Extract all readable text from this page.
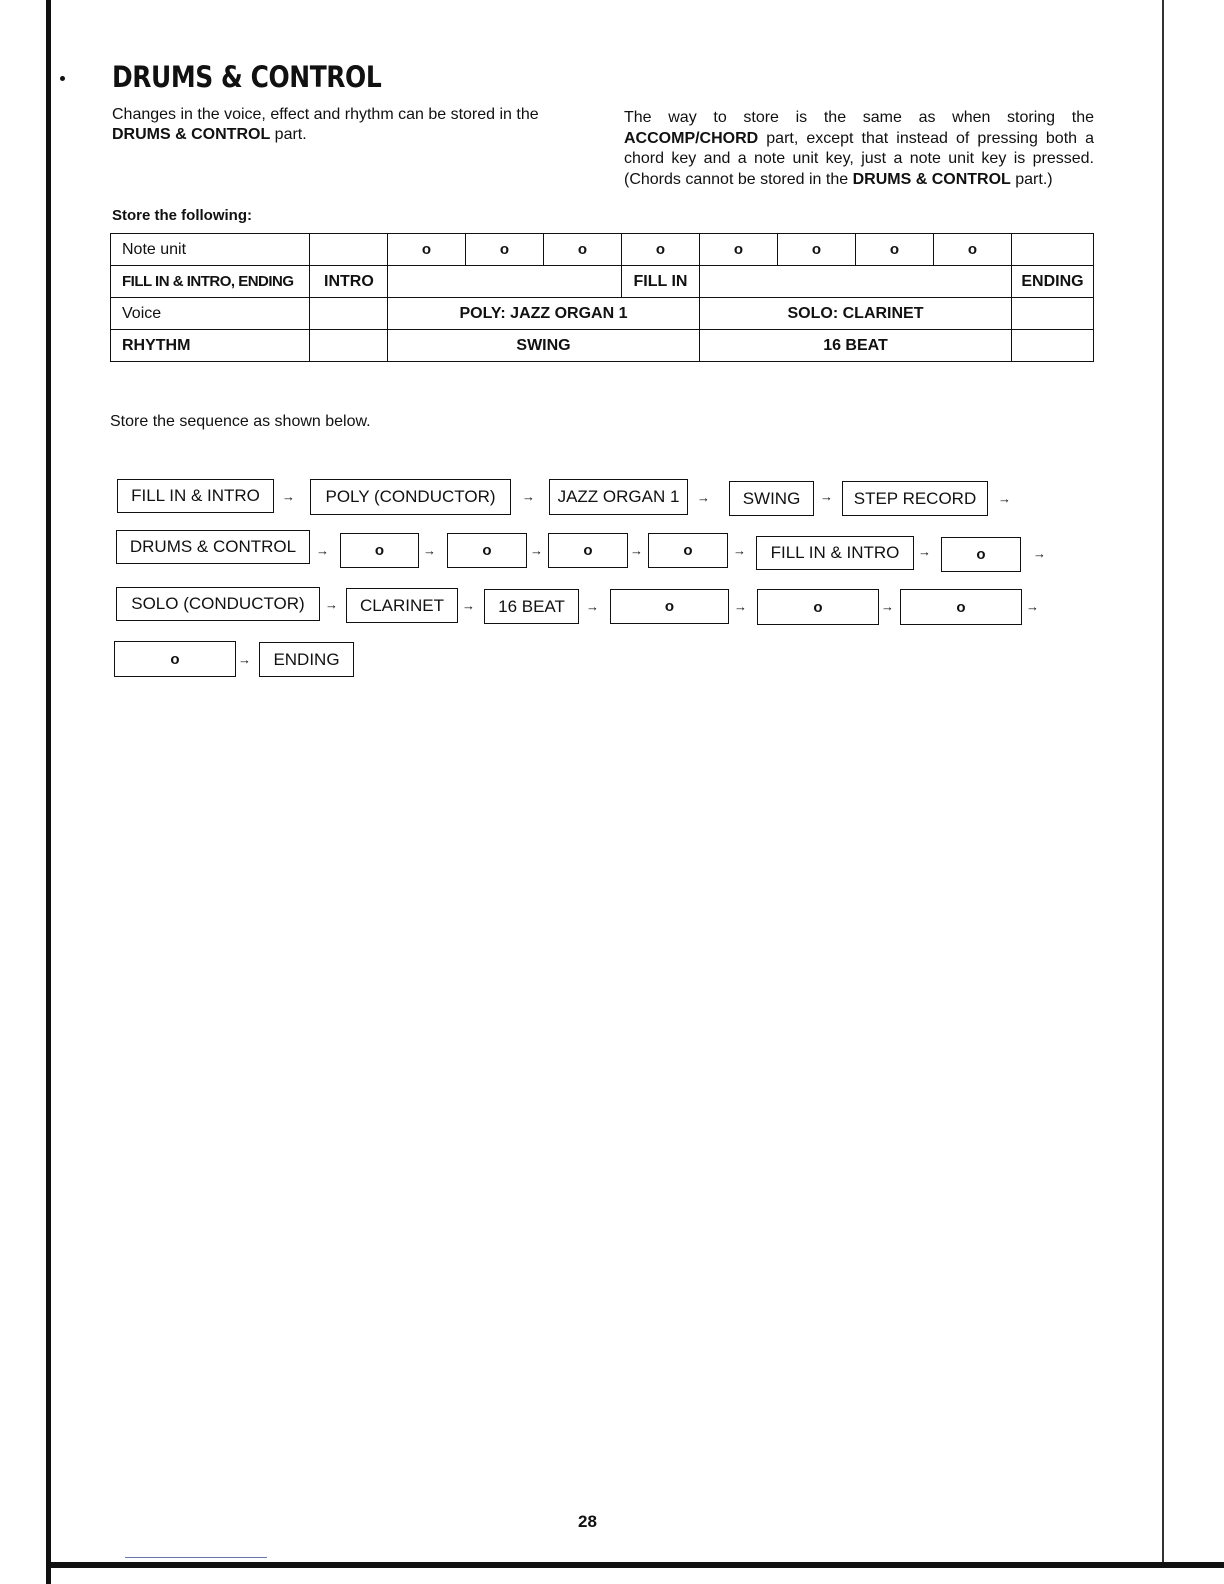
DRUMS & CONTROL
Changes in the voice, effect and rhythm can be stored in the
DRUMS & CONTROL part.
The way to store is the same as when storing the ACCOMP/CHORD part, except that instead of pressing both a chord key and a note unit key, just a note unit key is pressed. (Chords cannot be stored in the DRUMS & CONTROL part.)
Store the following:
Note unit		o	o	o	o	o	o	o	o	
FILL IN & INTRO, ENDING	INTRO				FILL IN					ENDING
Voice		POLY: JAZZ ORGAN 1				SOLO: CLARINET				
RHYTHM		SWING				16 BEAT				
Store the sequence as shown below.
FILL IN & INTRO	→	POLY (CONDUCTOR)	→	JAZZ ORGAN 1	→	SWING	→	STEP RECORD	→
DRUMS & CONTROL	→	o	→	o	→	o	→	o	→	FILL IN & INTRO	→	o	→
SOLO (CONDUCTOR)	→	CLARINET	→	16 BEAT	→	o	→	o	→	o	→
o	→	ENDING
28
